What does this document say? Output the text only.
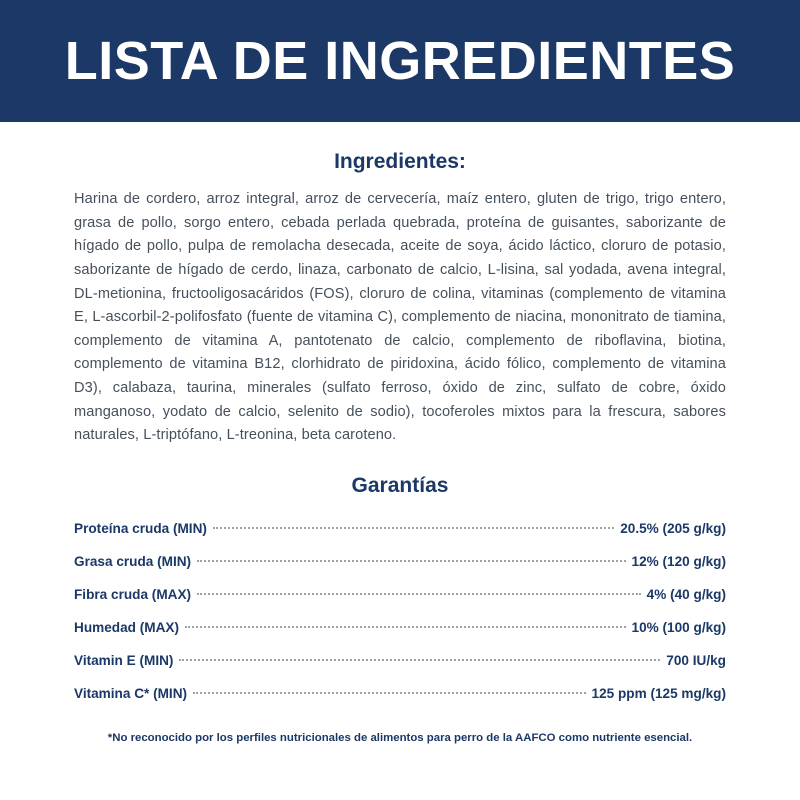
LISTA DE INGREDIENTES
Ingredientes:
Harina de cordero, arroz integral, arroz de cervecería, maíz entero, gluten de trigo, trigo entero, grasa de pollo, sorgo entero, cebada perlada quebrada, proteína de guisantes, saborizante de hígado de pollo, pulpa de remolacha desecada, aceite de soya, ácido láctico, cloruro de potasio, saborizante de hígado de cerdo, linaza, carbonato de calcio, L-lisina, sal yodada, avena integral, DL-metionina, fructooligosacáridos (FOS), cloruro de colina, vitaminas (complemento de vitamina E, L-ascorbil-2-polifosfato (fuente de vitamina C), complemento de niacina, mononitrato de tiamina, complemento de vitamina A, pantotenato de calcio, complemento de riboflavina, biotina, complemento de vitamina B12, clorhidrato de piridoxina, ácido fólico, complemento de vitamina D3), calabaza, taurina, minerales (sulfato ferroso, óxido de zinc, sulfato de cobre, óxido manganoso, yodato de calcio, selenito de sodio), tocoferoles mixtos para la frescura, sabores naturales, L-triptófano, L-treonina, beta caroteno.
Garantías
Proteína cruda (MIN)	20.5% (205 g/kg)
Grasa cruda (MIN)	12% (120 g/kg)
Fibra cruda (MAX)	4% (40 g/kg)
Humedad (MAX)	10% (100 g/kg)
Vitamin E (MIN)	700 IU/kg
Vitamina C* (MIN)	125 ppm (125 mg/kg)
*No reconocido por los perfiles nutricionales de alimentos para perro de la AAFCO como nutriente esencial.
